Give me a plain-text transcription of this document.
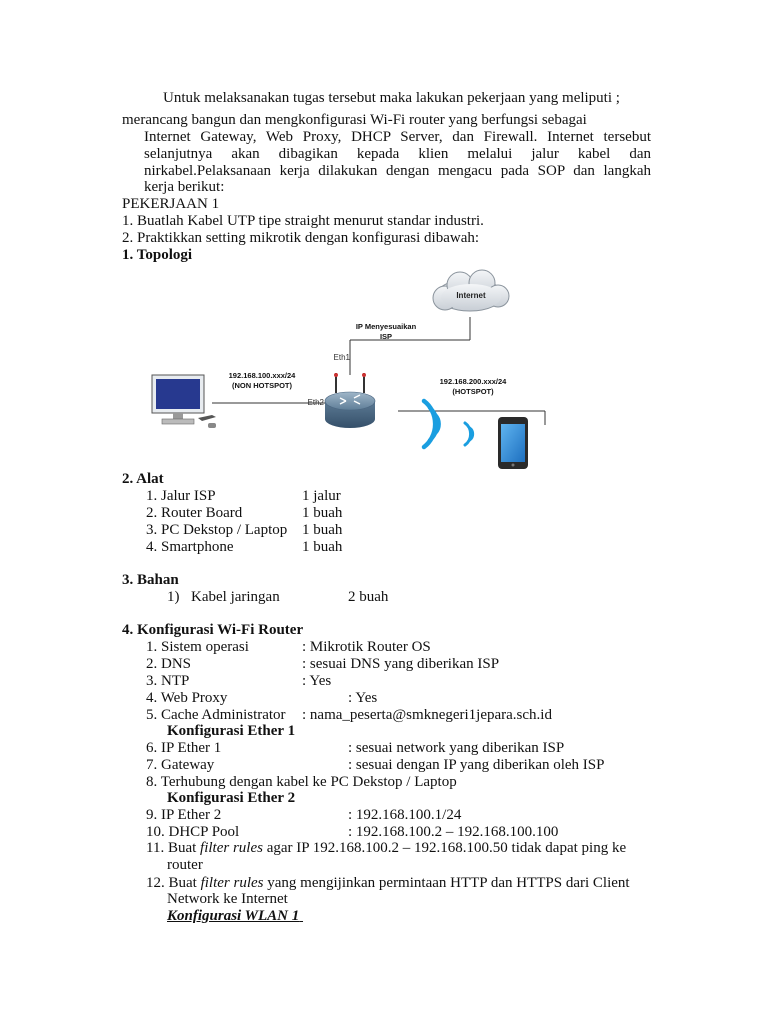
Untuk melaksanakan tugas tersebut maka lakukan pekerjaan yang meliputi ;
merancang bangun dan mengkonfigurasi Wi-Fi router yang berfungsi sebagai
Internet Gateway, Web Proxy, DHCP Server, dan Firewall. Internet tersebut
selanjutnya akan dibagikan kepada klien melalui jalur kabel dan
nirkabel.Pelaksanaan kerja dilakukan dengan mengacu pada SOP dan langkah
kerja berikut:
PEKERJAAN 1
1. Buatlah Kabel UTP tipe straight menurut standar industri.
2. Praktikkan setting mikrotik dengan konfigurasi dibawah:
1. Topologi
Internet
IP Menyesuaikan
ISP
Eth1
Eth2
192.168.100.xxx/24
(NON HOTSPOT)	192.168.200.xxx/24
(HOTSPOT)
2. Alat
1. Jalur ISP	1 jalur
2. Router Board	1 buah
3. PC Dekstop / Laptop 1 buah
4. Smartphone	1 buah
3. Bahan
1) Kabel jaringan	2 buah
4. Konfigurasi Wi-Fi Router
1. Sistem operasi	: Mikrotik Router OS
2. DNS	: sesuai DNS yang diberikan ISP
3. NTP	: Yes
4. Web Proxy	: Yes
5. Cache Administrator : nama_peserta@smknegeri1jepara.sch.id
Konfigurasi Ether 1
6. IP Ether 1	: sesuai network yang diberikan ISP
7. Gateway	: sesuai dengan IP yang diberikan oleh ISP
8. Terhubung dengan kabel ke PC Dekstop / Laptop
Konfigurasi Ether 2
9. IP Ether 2	: 192.168.100.1/24
10. DHCP Pool	: 192.168.100.2 – 192.168.100.100
11. Buat filter rules agar IP 192.168.100.2 – 192.168.100.50 tidak dapat ping ke
router
12. Buat filter rules yang mengijinkan permintaan HTTP dan HTTPS dari Client
Network ke Internet
Konfigurasi WLAN 1
